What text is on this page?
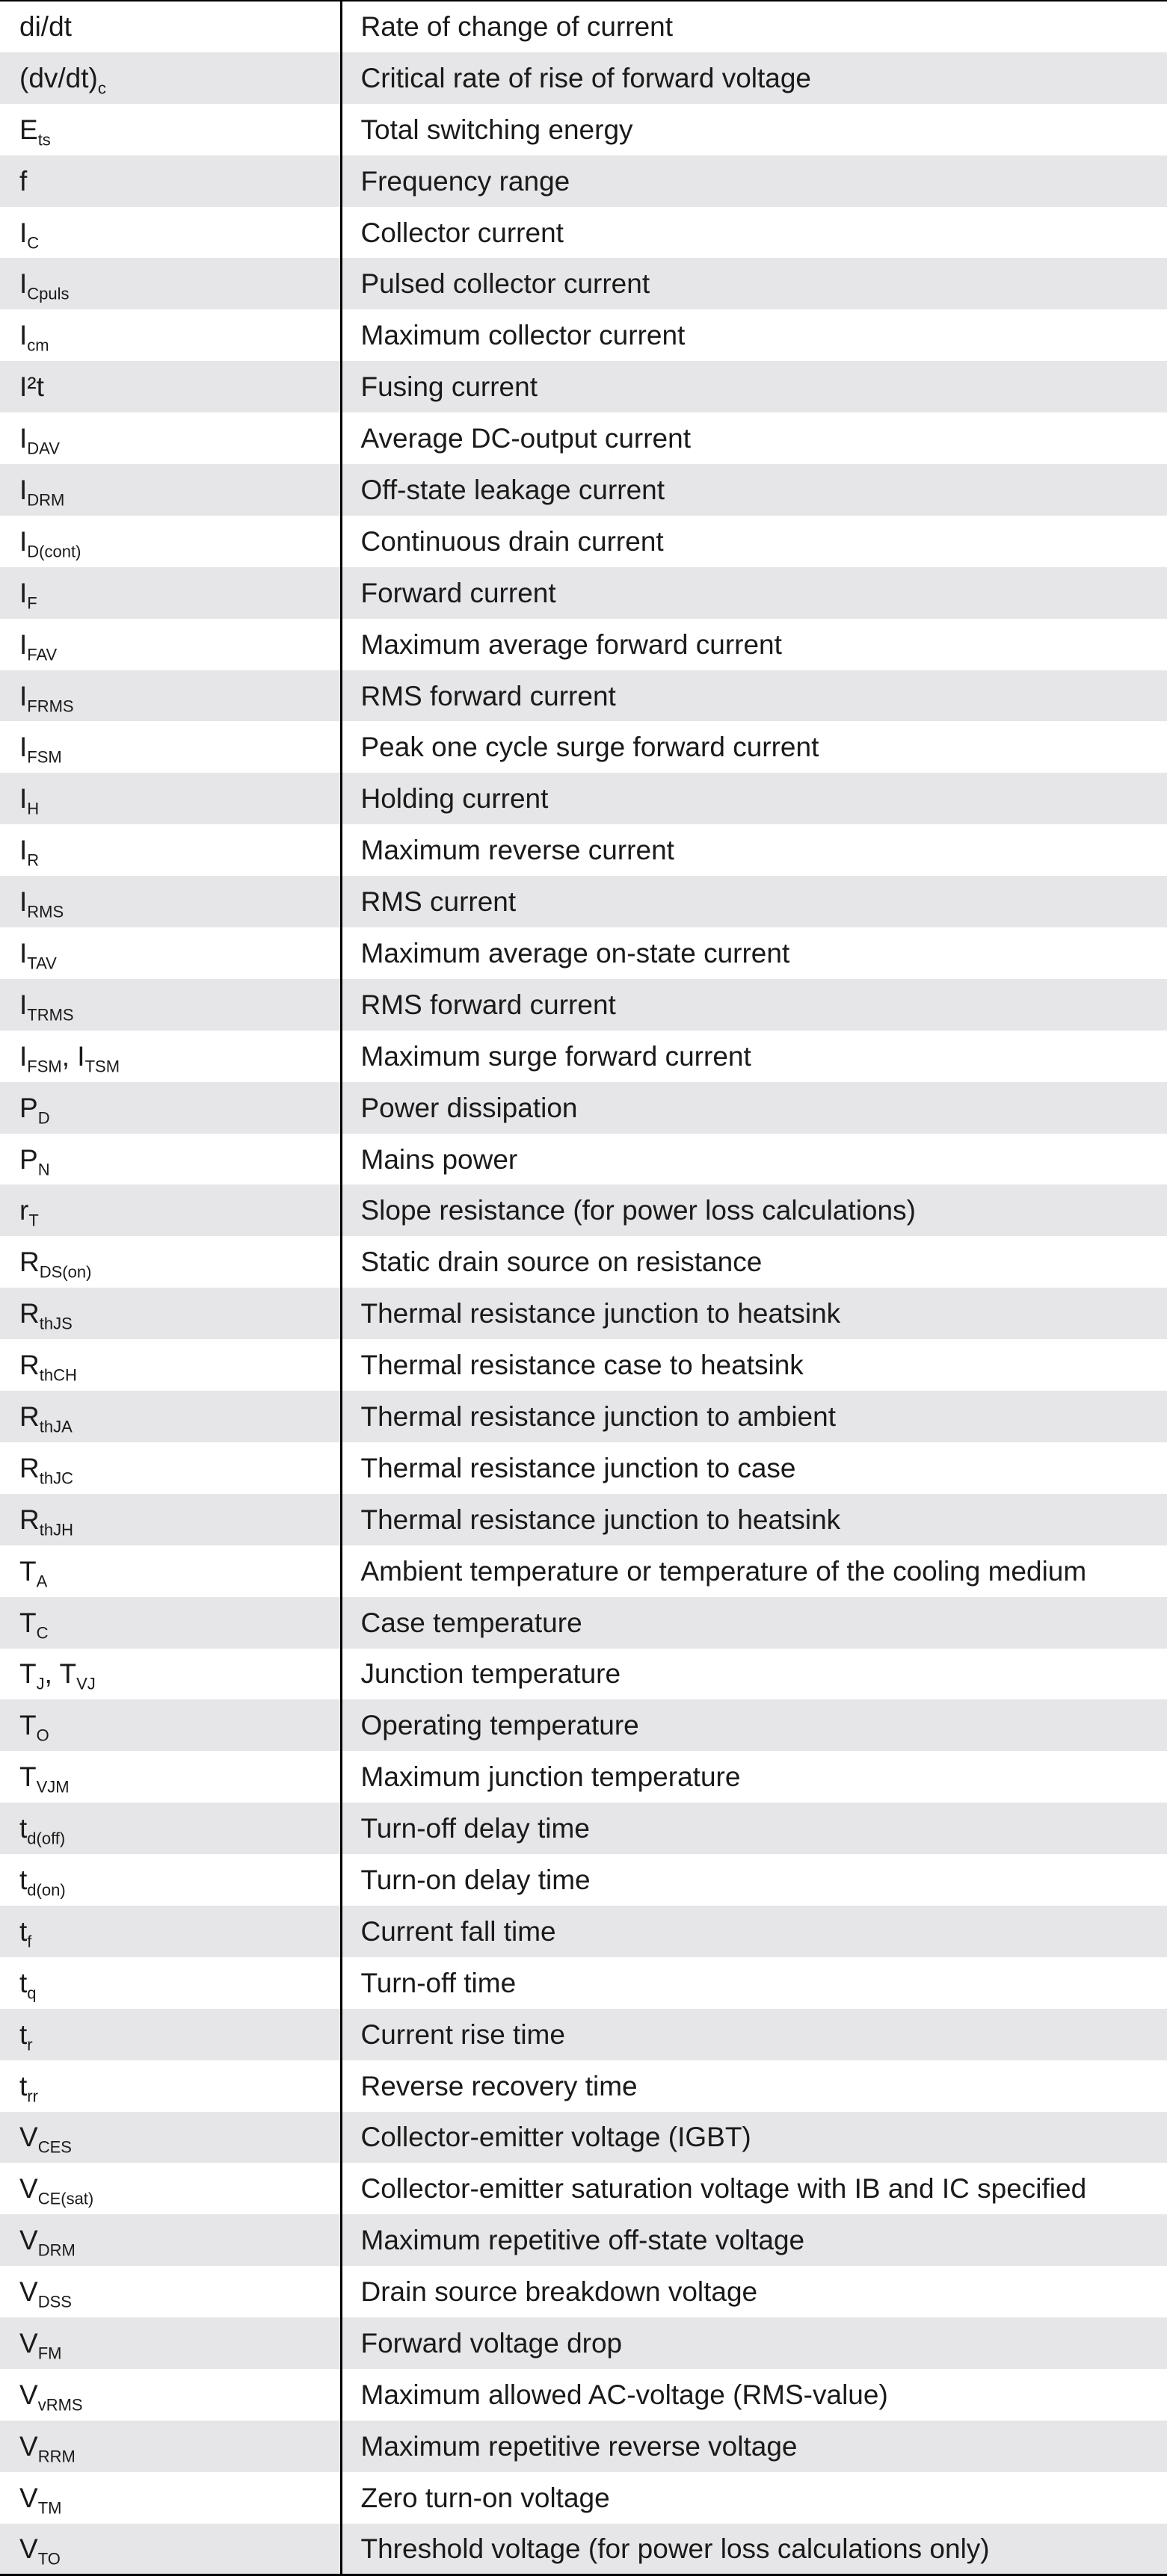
di/dt	Rate of change of current
$(dv/dt)_c$	Critical rate of rise of forward voltage
$E_{ts}$	Total switching energy
f	Frequency range
$I_C$	Collector current
$I_{Cpuls}$	Pulsed collector current
$I_{cm}$	Maximum collector current
I²t	Fusing current
$I_{DAV}$	Average DC-output current
$I_{DRM}$	Off-state leakage current
$I_{D(cont)}$	Continuous drain current
$I_F$	Forward current
$I_{FAV}$	Maximum average forward current
$I_{FRMS}$	RMS forward current
$I_{FSM}$	Peak one cycle surge forward current
$I_H$	Holding current
$I_R$	Maximum reverse current
$I_{RMS}$	RMS current
$I_{TAV}$	Maximum average on-state current
$I_{TRMS}$	RMS forward current
$I_{FSM}$, $I_{TSM}$	Maximum surge forward current
$P_D$	Power dissipation
$P_N$	Mains power
$r_T$	Slope resistance (for power loss calculations)
$R_{DS(on)}$	Static drain source on resistance
$R_{thJS}$	Thermal resistance junction to heatsink
$R_{thCH}$	Thermal resistance case to heatsink
$R_{thJA}$	Thermal resistance junction to ambient
$R_{thJC}$	Thermal resistance junction to case
$R_{thJH}$	Thermal resistance junction to heatsink
$T_A$	Ambient temperature or temperature of the cooling medium
$T_C$	Case temperature
$T_J$, $T_{VJ}$	Junction temperature
$T_O$	Operating temperature
$T_{VJM}$	Maximum junction temperature
$t_{d(off)}$	Turn-off delay time
$t_{d(on)}$	Turn-on delay time
$t_f$	Current fall time
$t_q$	Turn-off time
$t_r$	Current rise time
$t_{rr}$	Reverse recovery time
$V_{CES}$	Collector-emitter voltage (IGBT)
$V_{CE(sat)}$	Collector-emitter saturation voltage with IB and IC specified
$V_{DRM}$	Maximum repetitive off-state voltage
$V_{DSS}$	Drain source breakdown voltage
$V_{FM}$	Forward voltage drop
$V_{vRMS}$	Maximum allowed AC-voltage (RMS-value)
$V_{RRM}$	Maximum repetitive reverse voltage
$V_{TM}$	Zero turn-on voltage
$V_{TO}$	Threshold voltage (for power loss calculations only)
